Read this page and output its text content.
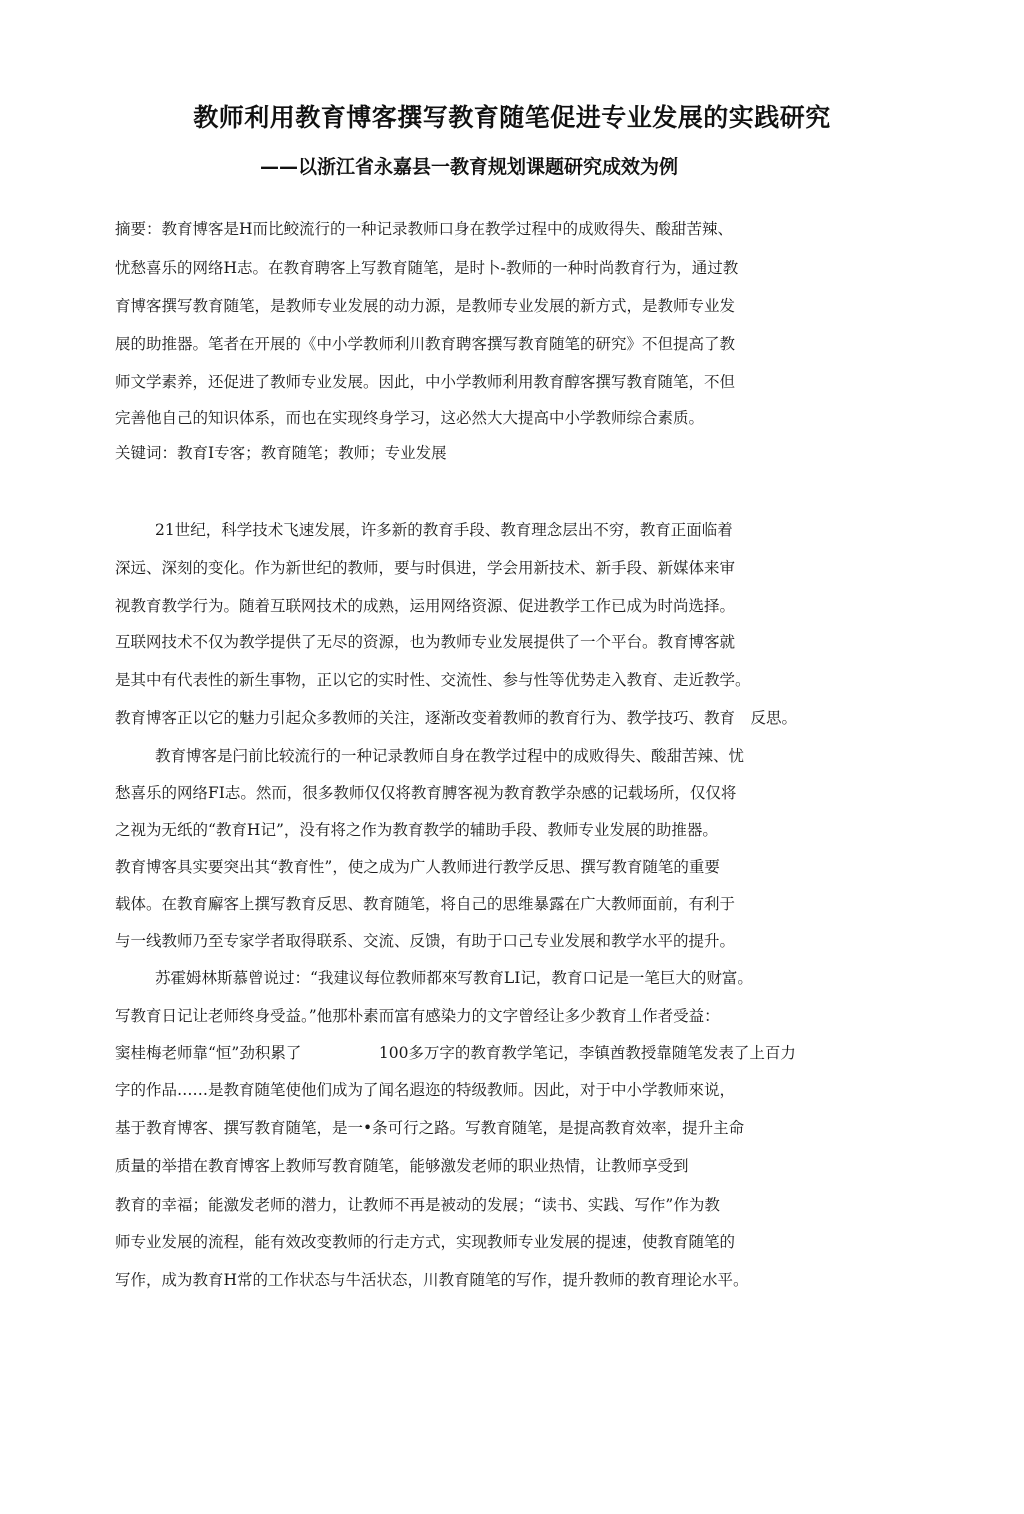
教师利用教育博客撰写教育随笔促进专业发展的实践研究
——以浙江省永嘉县一教育规划课题研究成效为例

摘要：教育博客是H而比鲛流行的一种记录教师口身在教学过程中的成败得失、酸甜苦辣、

忧愁喜乐的网络H志。在教育聘客上写教育随笔，是时卜-教师的一种时尚教育行为，通过教

育博客撰写教育随笔，是教师专业发展的动力源，是教师专业发展的新方式，是教师专业发

展的助推器。笔者在开展的《中小学教师利川教育聘客撰写教育随笔的研究》不但提高了教

师文学素养，还促进了教师专业发展。因此，中小学教师利用教育醇客撰写教育随笔，不但

完善他自己的知识体系，而也在实现终身学习，这必然大大提高中小学教师综合素质。

关键词：教育I专客；教育随笔；教师；专业发展

21世纪，科学技术飞速发展，许多新的教育手段、教育理念层出不穷，教育正面临着

深远、深刻的变化。作为新世纪的教师，要与时俱进，学会用新技术、新手段、新媒体来审

视教育教学行为。随着互联网技术的成熟，运用网络资源、促进教学工作已成为时尚选择。

互联网技术不仅为教学提供了无尽的资源，也为教师专业发展提供了一个平台。教育博客就

是其中有代表性的新生事物，正以它的实时性、交流性、参与性等优势走入教育、走近教学。

教育博客正以它的魅力引起众多教师的关注，逐渐改变着教师的教育行为、教学技巧、教育　反思。

教育博客是闩前比较流行的一种记录教师自身在教学过程中的成败得失、酸甜苦辣、忧

愁喜乐的网络FI志。然而，很多教师仅仅将教育膊客视为教育教学杂感的记载场所，仅仅将

之视为无纸的“教育H记”，没有将之作为教育教学的辅助手段、教师专业发展的助推器。

教育博客具实要突出其“教育性”，使之成为广人教师进行教学反思、撰写教育随笔的重要

载体。在教育廨客上撰写教育反思、教育随笔，将自己的思维暴露在广大教师面前，有利于

与一线教师乃至专家学者取得联系、交流、反馈，有助于口己专业发展和教学水平的提升。

苏霍姆林斯慕曾说过：“我建议每位教师都來写教育LI记，教育口记是一笔巨大的财富。

写教育日记让老师终身受益。”他那朴素而富有感染力的文字曾经让多少教育丄作者受益：

窦桂梅老师靠“恒”劲积累了　　　　　100多万字的教育教学笔记，李镇酋教授靠随笔发表了上百力

字的作品……是教育随笔使他们成为了闻名遐迩的特级教师。因此，对于中小学教师來说，

基于教育博客、撰写教育随笔，是一•条可行之路。写教育随笔，是提高教育效率，提升主命

质量的举措在教育博客上教师写教育随笔，能够激发老师的职业热情，让教师享受到

教育的幸福；能激发老师的潜力，让教师不再是被动的发展；“读书、实践、写作”作为教

师专业发展的流程，能有效改变教师的行走方式，实现教师专业发展的提速，使教育随笔的

写作，成为教育H常的工作状态与牛活状态，川教育随笔的写作，提升教师的教育理论水平。
